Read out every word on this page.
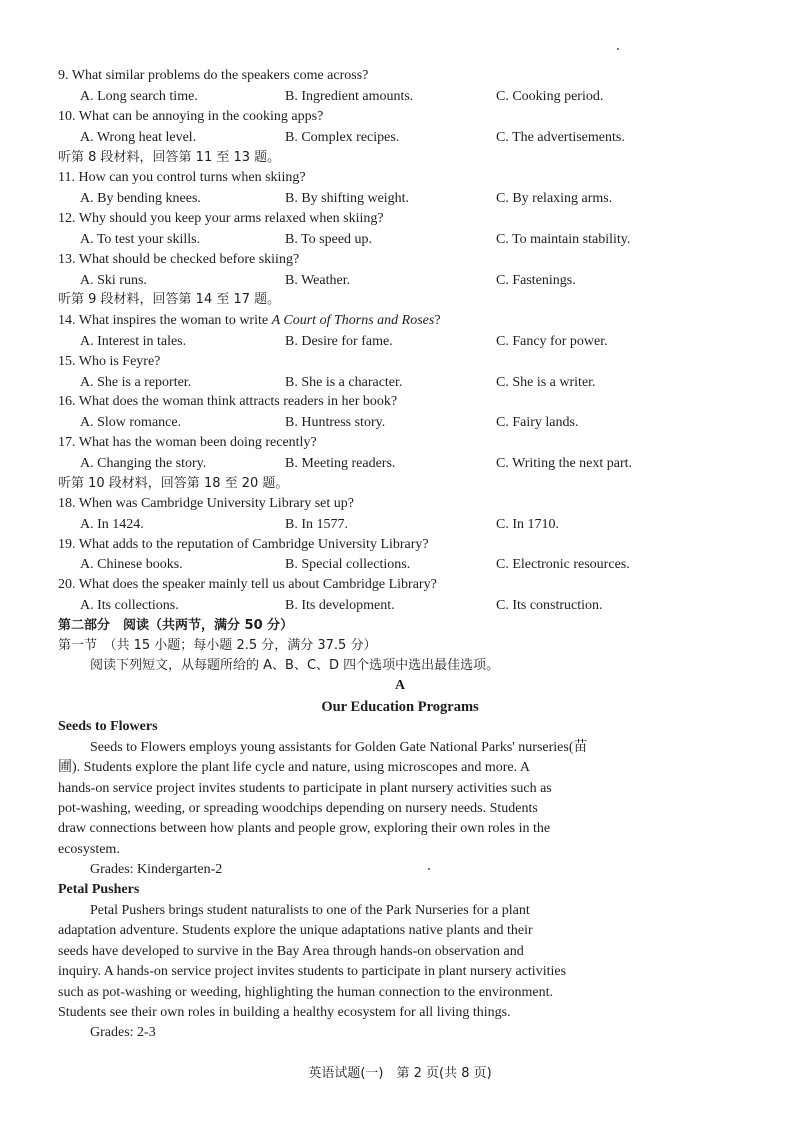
9. What similar problems do the speakers come across?
A. Long search time.	B. Ingredient amounts.	C. Cooking period.
10. What can be annoying in the cooking apps?
A. Wrong heat level.	B. Complex recipes.	C. The advertisements.
听第 8 段材料，回答第 11 至 13 题。
11. How can you control turns when skiing?
A. By bending knees.	B. By shifting weight.	C. By relaxing arms.
12. Why should you keep your arms relaxed when skiing?
A. To test your skills.	B. To speed up.	C. To maintain stability.
13. What should be checked before skiing?
A. Ski runs.	B. Weather.	C. Fastenings.
听第 9 段材料，回答第 14 至 17 题。
14. What inspires the woman to write A Court of Thorns and Roses?
A. Interest in tales.	B. Desire for fame.	C. Fancy for power.
15. Who is Feyre?
A. She is a reporter.	B. She is a character.	C. She is a writer.
16. What does the woman think attracts readers in her book?
A. Slow romance.	B. Huntress story.	C. Fairy lands.
17. What has the woman been doing recently?
A. Changing the story.	B. Meeting readers.	C. Writing the next part.
听第 10 段材料，回答第 18 至 20 题。
18. When was Cambridge University Library set up?
A. In 1424.	B. In 1577.	C. In 1710.
19. What adds to the reputation of Cambridge University Library?
A. Chinese books.	B. Special collections.	C. Electronic resources.
20. What does the speaker mainly tell us about Cambridge Library?
A. Its collections.	B. Its development.	C. Its construction.
第二部分　阅读（共两节，满分 50 分）
第一节　（共 15 小题；每小题 2.5 分，满分 37.5 分）
阅读下列短文，从每题所给的 A、B、C、D 四个选项中选出最佳选项。
A
Our Education Programs
Seeds to Flowers
Seeds to Flowers employs young assistants for Golden Gate National Parks' nurseries(苗
圃). Students explore the plant life cycle and nature, using microscopes and more. A
hands-on service project invites students to participate in plant nursery activities such as
pot-washing, weeding, or spreading woodchips depending on nursery needs. Students
draw connections between how plants and people grow, exploring their own roles in the
ecosystem.
Grades: Kindergarten-2
Petal Pushers
Petal Pushers brings student naturalists to one of the Park Nurseries for a plant
adaptation adventure. Students explore the unique adaptations native plants and their
seeds have developed to survive in the Bay Area through hands-on observation and
inquiry. A hands-on service project invites students to participate in plant nursery activities
such as pot-washing or weeding, highlighting the human connection to the environment.
Students see their own roles in building a healthy ecosystem for all living things.
Grades: 2-3
英语试题(一)　第 2 页(共 8 页)
